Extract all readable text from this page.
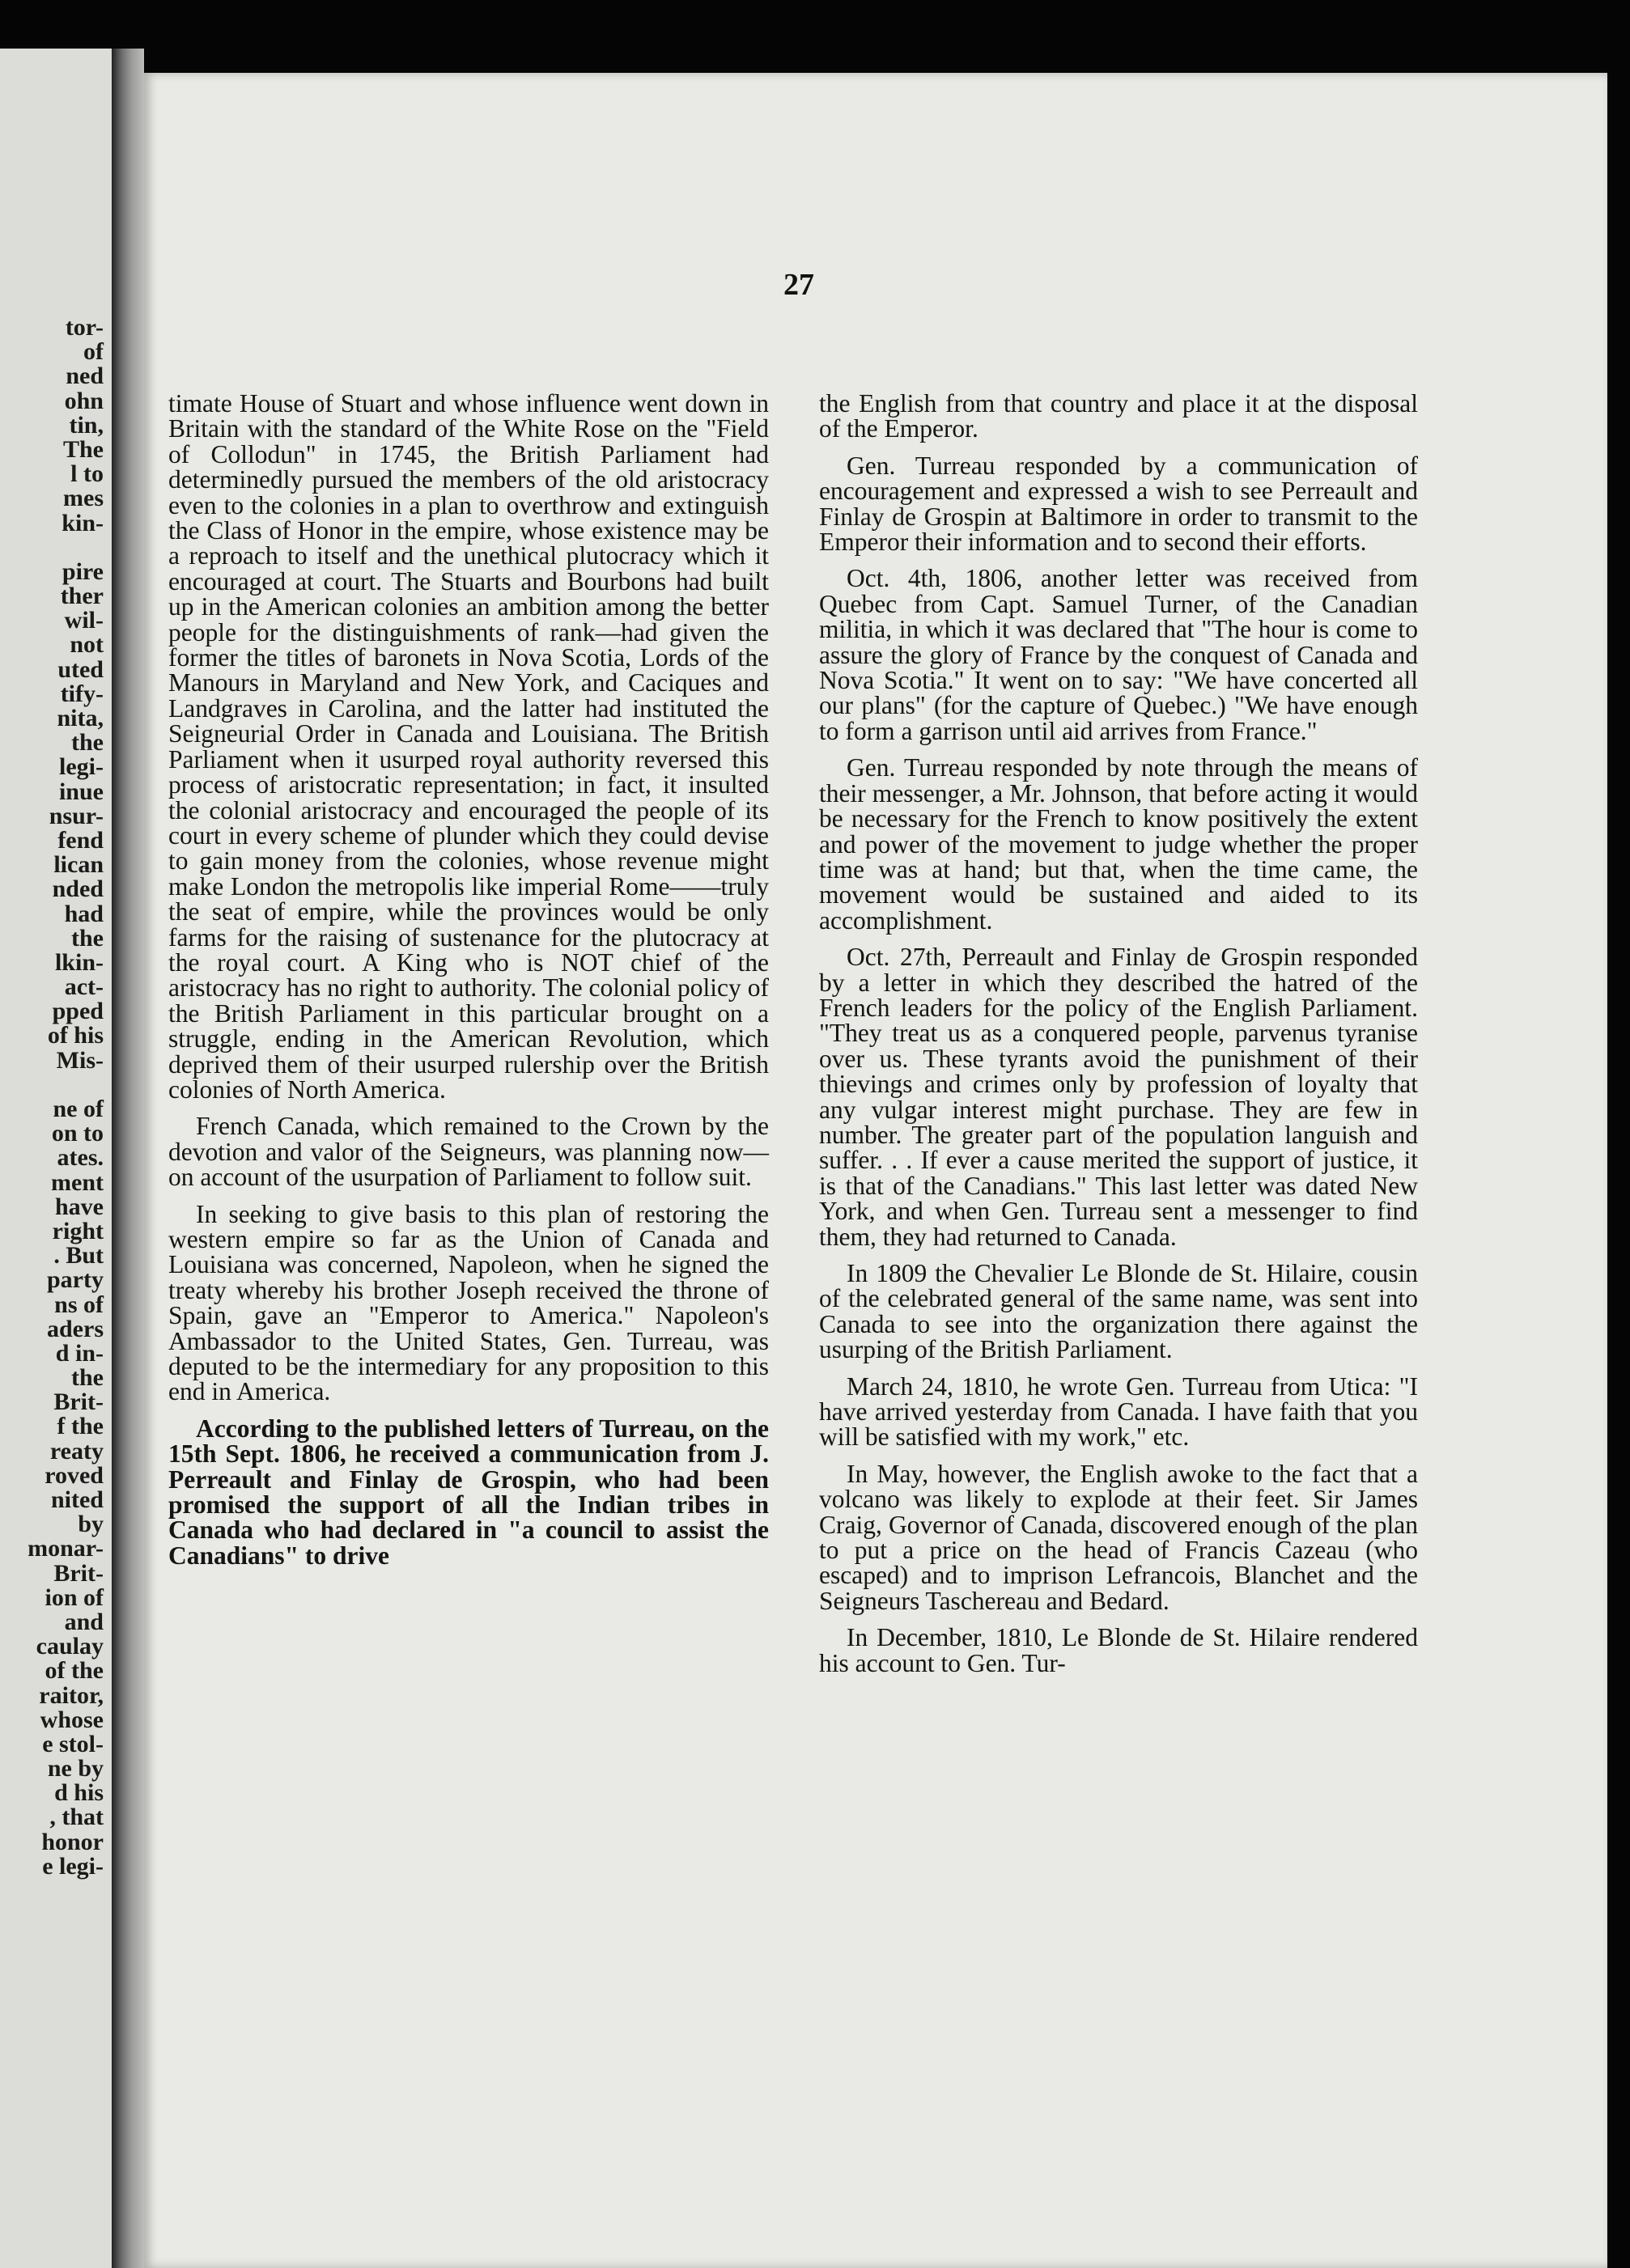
tor-
of
ned
ohn
tin,
The
l to
mes
kin-
pire
ther
wil-
not
uted
tify-
nita,
the
legi-
inue
nsur-
fend
lican
nded
had
the
lkin-
act-
pped
of his
Mis-
ne of
on to
ates.
ment
have
right
. But
party
ns of
aders
d in-
the
Brit-
f the
reaty
roved
nited
by
monar-
Brit-
ion of
and
caulay
of the
raitor,
whose
e stol-
ne by
d his
, that
honor
e legi-
27

timate House of Stuart and whose influence went down in Britain with the standard of the White Rose on the "Field of Collodun" in 1745, the British Parliament had determinedly pursued the members of the old aristocracy even to the colonies in a plan to overthrow and extinguish the Class of Honor in the empire, whose existence may be a reproach to itself and the unethical plutocracy which it encouraged at court. The Stuarts and Bourbons had built up in the American colonies an ambition among the better people for the distinguishments of rank—had given the former the titles of baronets in Nova Scotia, Lords of the Manours in Maryland and New York, and Caciques and Landgraves in Carolina, and the latter had instituted the Seigneurial Order in Canada and Louisiana. The British Parliament when it usurped royal authority reversed this process of aristocratic representation; in fact, it insulted the colonial aristocracy and encouraged the people of its court in every scheme of plunder which they could devise to gain money from the colonies, whose revenue might make London the metropolis like imperial Rome——truly the seat of empire, while the provinces would be only farms for the raising of sustenance for the plutocracy at the royal court. A King who is NOT chief of the aristocracy has no right to authority. The colonial policy of the British Parliament in this particular brought on a struggle, ending in the American Revolution, which deprived them of their usurped rulership over the British colonies of North America.

French Canada, which remained to the Crown by the devotion and valor of the Seigneurs, was planning now—on account of the usurpation of Parliament to follow suit.

In seeking to give basis to this plan of restoring the western empire so far as the Union of Canada and Louisiana was concerned, Napoleon, when he signed the treaty whereby his brother Joseph received the throne of Spain, gave an "Emperor to America." Napoleon's Ambassador to the United States, Gen. Turreau, was deputed to be the intermediary for any proposition to this end in America.

According to the published letters of Turreau, on the 15th Sept. 1806, he received a communication from J. Perreault and Finlay de Grospin, who had been promised the support of all the Indian tribes in Canada who had declared in "a council to assist the Canadians" to drive

the English from that country and place it at the disposal of the Emperor.

Gen. Turreau responded by a communication of encouragement and expressed a wish to see Perreault and Finlay de Grospin at Baltimore in order to transmit to the Emperor their information and to second their efforts.

Oct. 4th, 1806, another letter was received from Quebec from Capt. Samuel Turner, of the Canadian militia, in which it was declared that "The hour is come to assure the glory of France by the conquest of Canada and Nova Scotia." It went on to say: "We have concerted all our plans" (for the capture of Quebec.) "We have enough to form a garrison until aid arrives from France."

Gen. Turreau responded by note through the means of their messenger, a Mr. Johnson, that before acting it would be necessary for the French to know positively the extent and power of the movement to judge whether the proper time was at hand; but that, when the time came, the movement would be sustained and aided to its accomplishment.

Oct. 27th, Perreault and Finlay de Grospin responded by a letter in which they described the hatred of the French leaders for the policy of the English Parliament. "They treat us as a conquered people, parvenus tyranise over us. These tyrants avoid the punishment of their thievings and crimes only by profession of loyalty that any vulgar interest might purchase. They are few in number. The greater part of the population languish and suffer. . . If ever a cause merited the support of justice, it is that of the Canadians." This last letter was dated New York, and when Gen. Turreau sent a messenger to find them, they had returned to Canada.

In 1809 the Chevalier Le Blonde de St. Hilaire, cousin of the celebrated general of the same name, was sent into Canada to see into the organization there against the usurping of the British Parliament.

March 24, 1810, he wrote Gen. Turreau from Utica: "I have arrived yesterday from Canada. I have faith that you will be satisfied with my work," etc.

In May, however, the English awoke to the fact that a volcano was likely to explode at their feet. Sir James Craig, Governor of Canada, discovered enough of the plan to put a price on the head of Francis Cazeau (who escaped) and to imprison Lefrancois, Blanchet and the Seigneurs Taschereau and Bedard.

In December, 1810, Le Blonde de St. Hilaire rendered his account to Gen. Tur-
